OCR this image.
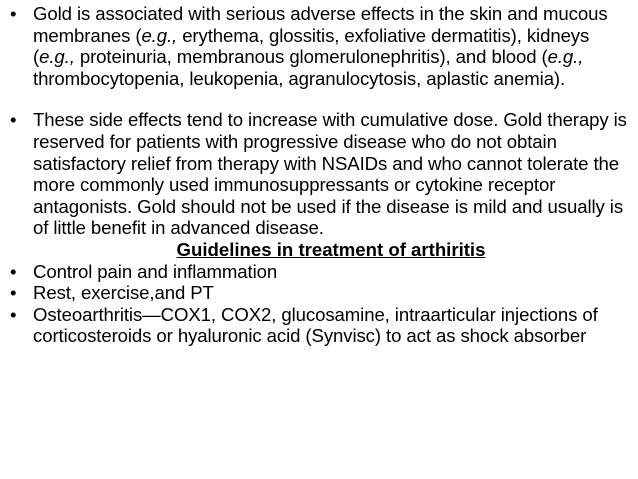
• Gold is associated with serious adverse effects in the skin and mucous membranes (e.g., erythema, glossitis, exfoliative dermatitis), kidneys (e.g., proteinuria, membranous glomerulonephritis), and blood (e.g., thrombocytopenia, leukopenia, agranulocytosis, aplastic anemia).
• These side effects tend to increase with cumulative dose. Gold therapy is reserved for patients with progressive disease who do not obtain satisfactory relief from therapy with NSAIDs and who cannot tolerate the more commonly used immunosuppressants or cytokine receptor antagonists. Gold should not be used if the disease is mild and usually is of little benefit in advanced disease.

Guidelines in treatment of arthiritis

• Control pain and inflammation
• Rest, exercise,and PT
• Osteoarthritis—COX1, COX2, glucosamine, intraarticular injections of corticosteroids or hyaluronic acid (Synvisc) to act as shock absorber
